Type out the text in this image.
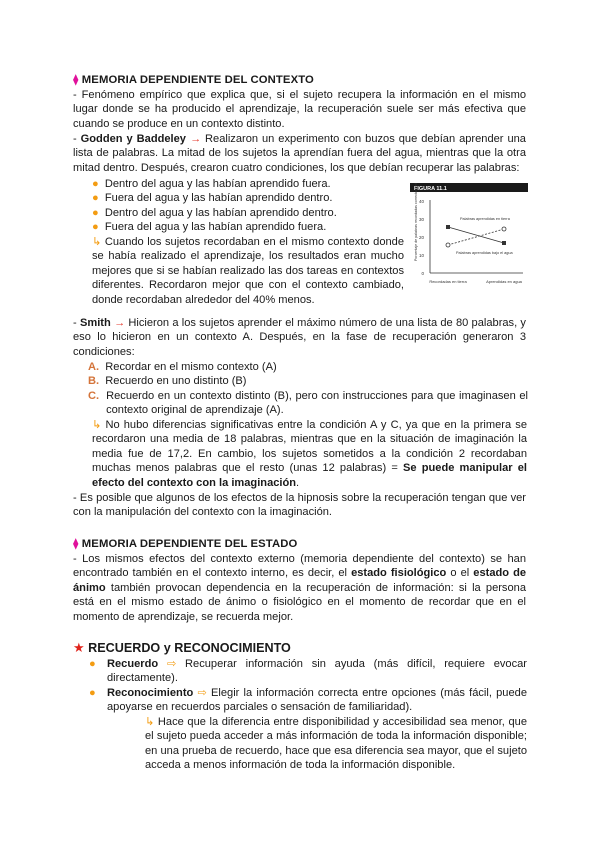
⧫ MEMORIA DEPENDIENTE DEL CONTEXTO
- Fenómeno empírico que explica que, si el sujeto recupera la información en el mismo lugar donde se ha producido el aprendizaje, la recuperación suele ser más efectiva que cuando se produce en un contexto distinto.
- Godden y Baddeley → Realizaron un experimento con buzos que debían aprender una lista de palabras. La mitad de los sujetos la aprendían fuera del agua, mientras que la otra mitad dentro. Después, crearon cuatro condiciones, los que debían recuperar las palabras:
● Dentro del agua y las habían aprendido fuera.
● Fuera del agua y las habían aprendido dentro.
● Dentro del agua y las habían aprendido dentro.
● Fuera del agua y las habían aprendido fuera.
↳ Cuando los sujetos recordaban en el mismo contexto donde se había realizado el aprendizaje, los resultados eran mucho mejores que si se habían realizado las dos tareas en contextos diferentes. Recordaron mejor que con el contexto cambiado, donde recordaban alrededor del 40% menos.
FIGURA 11.1
40
30
20
10
0
Porcentaje de palabras recordadas correctamente	Palabras aprendidas en tierra
Palabras aprendidas bajo el agua
Recordadas en tierra	Aprendidas en agua
- Smith → Hicieron a los sujetos aprender el máximo número de una lista de 80 palabras, y eso lo hicieron en un contexto A. Después, en la fase de recuperación generaron 3 condiciones:
A. Recordar en el mismo contexto (A)
B. Recuerdo en uno distinto (B)
C. Recuerdo en un contexto distinto (B), pero con instrucciones para que imaginasen el contexto original de aprendizaje (A).
↳ No hubo diferencias significativas entre la condición A y C, ya que en la primera se recordaron una media de 18 palabras, mientras que en la situación de imaginación la media fue de 17,2. En cambio, los sujetos sometidos a la condición 2 recordaban muchas menos palabras que el resto (unas 12 palabras) = Se puede manipular el efecto del contexto con la imaginación.
- Es posible que algunos de los efectos de la hipnosis sobre la recuperación tengan que ver con la manipulación del contexto con la imaginación.
⧫ MEMORIA DEPENDIENTE DEL ESTADO
- Los mismos efectos del contexto externo (memoria dependiente del contexto) se han encontrado también en el contexto interno, es decir, el estado fisiológico o el estado de ánimo también provocan dependencia en la recuperación de información: si la persona está en el mismo estado de ánimo o fisiológico en el momento de recordar que en el momento de aprendizaje, se recuerda mejor.
★ RECUERDO y RECONOCIMIENTO
●	Recuerdo ⇨ Recuperar información sin ayuda (más difícil, requiere evocar directamente).
●	Reconocimiento ⇨ Elegir la información correcta entre opciones (más fácil, puede apoyarse en recuerdos parciales o sensación de familiaridad).
↳ Hace que la diferencia entre disponibilidad y accesibilidad sea menor, que el sujeto pueda acceder a más información de toda la información disponible; en una prueba de recuerdo, hace que esa diferencia sea mayor, que el sujeto acceda a menos información de toda la información disponible.
